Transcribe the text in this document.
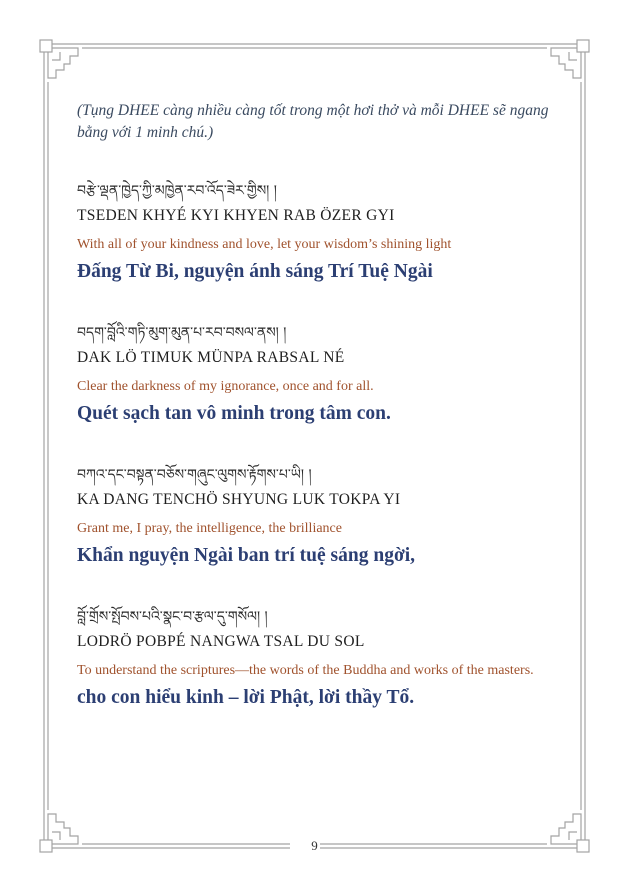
(Tụng DHEE càng nhiều càng tốt trong một hơi thở và mỗi DHEE sẽ ngang bằng với 1 minh chú.)

བརྩེ་ལྡན་ཁྱེད་ཀྱི་མཁྱེན་རབ་འོད་ཟེར་གྱིས། །
TSEDEN KHYÉ KYI KHYEN RAB ÖZER GYI
With all of your kindness and love, let your wisdom’s shining light
Đấng Từ Bi, nguyện ánh sáng Trí Tuệ Ngài
བདག་བློའི་གཏི་མུག་མུན་པ་རབ་བསལ་ནས། །
DAK LÖ TIMUK MÜNPA RABSAL NÉ
Clear the darkness of my ignorance, once and for all.
Quét sạch tan vô minh trong tâm con.
བཀའ་དང་བསྟན་བཅོས་གཞུང་ལུགས་རྟོགས་པ་ཡི། །
KA DANG TENCHÖ SHYUNG LUK TOKPA YI
Grant me, I pray, the intelligence, the brilliance
Khẩn nguyện Ngài ban trí tuệ sáng ngời,
བློ་གྲོས་སྤོབས་པའི་སྣང་བ་རྩལ་དུ་གསོལ། །
LODRÖ POBPÉ NANGWA TSAL DU SOL
To understand the scriptures—the words of the Buddha and works of the masters.
cho con hiểu kinh – lời Phật, lời thầy Tổ.
9
